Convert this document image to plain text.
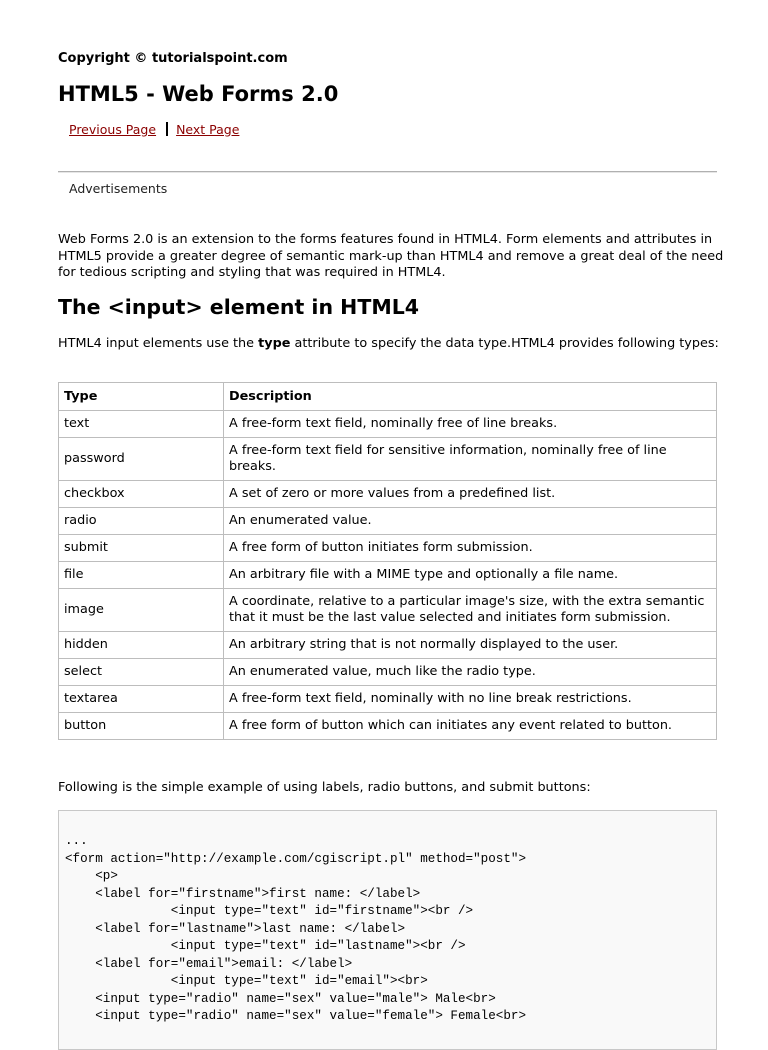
Copyright © tutorialspoint.com
HTML5 - Web Forms 2.0
Previous Page Next Page
Advertisements

Web Forms 2.0 is an extension to the forms features found in HTML4. Form elements and attributes in HTML5 provide a greater degree of semantic mark-up than HTML4 and remove a great deal of the need for tedious scripting and styling that was required in HTML4.

The <input> element in HTML4

HTML4 input elements use the type attribute to specify the data type.HTML4 provides following types:

Type	Description
text	A free-form text field, nominally free of line breaks.
password	A free-form text field for sensitive information, nominally free of line breaks.
checkbox	A set of zero or more values from a predefined list.
radio	An enumerated value.
submit	A free form of button initiates form submission.
file	An arbitrary file with a MIME type and optionally a file name.
image	A coordinate, relative to a particular image's size, with the extra semantic that it must be the last value selected and initiates form submission.
hidden	An arbitrary string that is not normally displayed to the user.
select	An enumerated value, much like the radio type.
textarea	A free-form text field, nominally with no line break restrictions.
button	A free form of button which can initiates any event related to button.

Following is the simple example of using labels, radio buttons, and submit buttons:

...
<form action="http://example.com/cgiscript.pl" method="post">
<p>
<label for="firstname">first name: </label>
<input type="text" id="firstname"><br />
<label for="lastname">last name: </label>
<input type="text" id="lastname"><br />
<label for="email">email: </label>
<input type="text" id="email"><br>
<input type="radio" name="sex" value="male"> Male<br>
<input type="radio" name="sex" value="female"> Female<br>
